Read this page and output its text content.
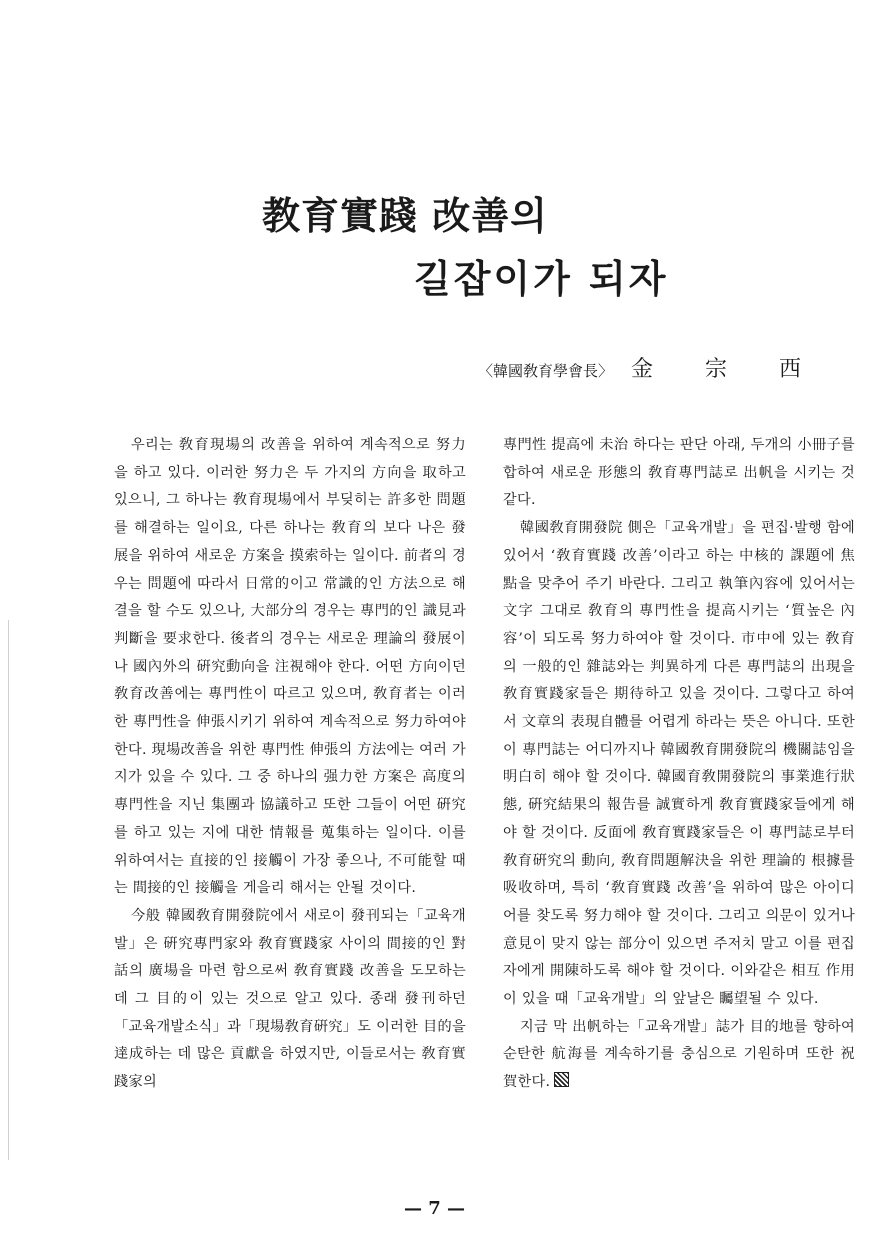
教育實踐 改善의
길잡이가 되자
〈韓國敎育學會長〉 金宗西

우리는 敎育現場의 改善을 위하여 계속적으로 努力을 하고 있다. 이러한 努力은 두 가지의 方向을 取하고 있으니, 그 하나는 敎育現場에서 부딪히는 許多한 問題를 해결하는 일이요, 다른 하나는 敎育의 보다 나은 發展을 위하여 새로운 方案을 摸索하는 일이다. 前者의 경우는 問題에 따라서 日常的이고 常識的인 方法으로 해결을 할 수도 있으나, 大部分의 경우는 專門的인 識見과 判斷을 要求한다. 後者의 경우는 새로운 理論의 發展이나 國內外의 硏究動向을 注視해야 한다. 어떤 方向이던 敎育改善에는 專門性이 따르고 있으며, 敎育者는 이러한 專門性을 伸張시키기 위하여 계속적으로 努力하여야 한다. 現場改善을 위한 專門性 伸張의 方法에는 여러 가지가 있을 수 있다. 그 중 하나의 强力한 方案은 高度의 專門性을 지닌 集團과 協議하고 또한 그들이 어떤 硏究를 하고 있는 지에 대한 情報를 蒐集하는 일이다. 이를 위하여서는 直接的인 接觸이 가장 좋으나, 不可能할 때는 間接的인 接觸을 게을리 해서는 안될 것이다.

今般 韓國敎育開發院에서 새로이 發刊되는「교육개발」은 硏究專門家와 敎育實踐家 사이의 間接的인 對話의 廣場을 마련 함으로써 敎育實踐 改善을 도모하는 데 그 目的이 있는 것으로 알고 있다. 종래 發刊하던「교육개발소식」과「現場敎育硏究」도 이러한 目的을 達成하는 데 많은 貢獻을 하였지만, 이들로서는 敎育實踐家의

專門性 提高에 未治 하다는 판단 아래, 두개의 小冊子를 합하여 새로운 形態의 敎育專門誌로 出帆을 시키는 것 같다.

韓國敎育開發院 側은「교육개발」을 편집·발행 함에 있어서 ‘敎育實踐 改善’이라고 하는 中核的 課題에 焦點을 맞추어 주기 바란다. 그리고 執筆內容에 있어서는 文字 그대로 敎育의 專門性을 提高시키는 ‘質높은 內容’이 되도록 努力하여야 할 것이다. 市中에 있는 敎育의 一般的인 雜誌와는 判異하게 다른 專門誌의 出現을 敎育實踐家들은 期待하고 있을 것이다. 그렇다고 하여서 文章의 表現自體를 어렵게 하라는 뜻은 아니다. 또한 이 專門誌는 어디까지나 韓國敎育開發院의 機關誌임을 明白히 해야 할 것이다. 韓國育敎開發院의 事業進行狀態, 硏究結果의 報告를 誠實하게 敎育實踐家들에게 해야 할 것이다. 反面에 敎育實踐家들은 이 專門誌로부터 敎育硏究의 動向, 敎育問題解決을 위한 理論的 根據를 吸收하며, 특히 ‘敎育實踐 改善’을 위하여 많은 아이디어를 찾도록 努力해야 할 것이다. 그리고 의문이 있거나 意見이 맞지 않는 部分이 있으면 주저치 말고 이를 편집자에게 開陳하도록 해야 할 것이다. 이와같은 相互 作用이 있을 때「교육개발」의 앞날은 矚望될 수 있다.

지금 막 出帆하는「교육개발」誌가 目的地를 향하여 순탄한 航海를 계속하기를 충심으로 기원하며 또한 祝賀한다.

— 7 —
